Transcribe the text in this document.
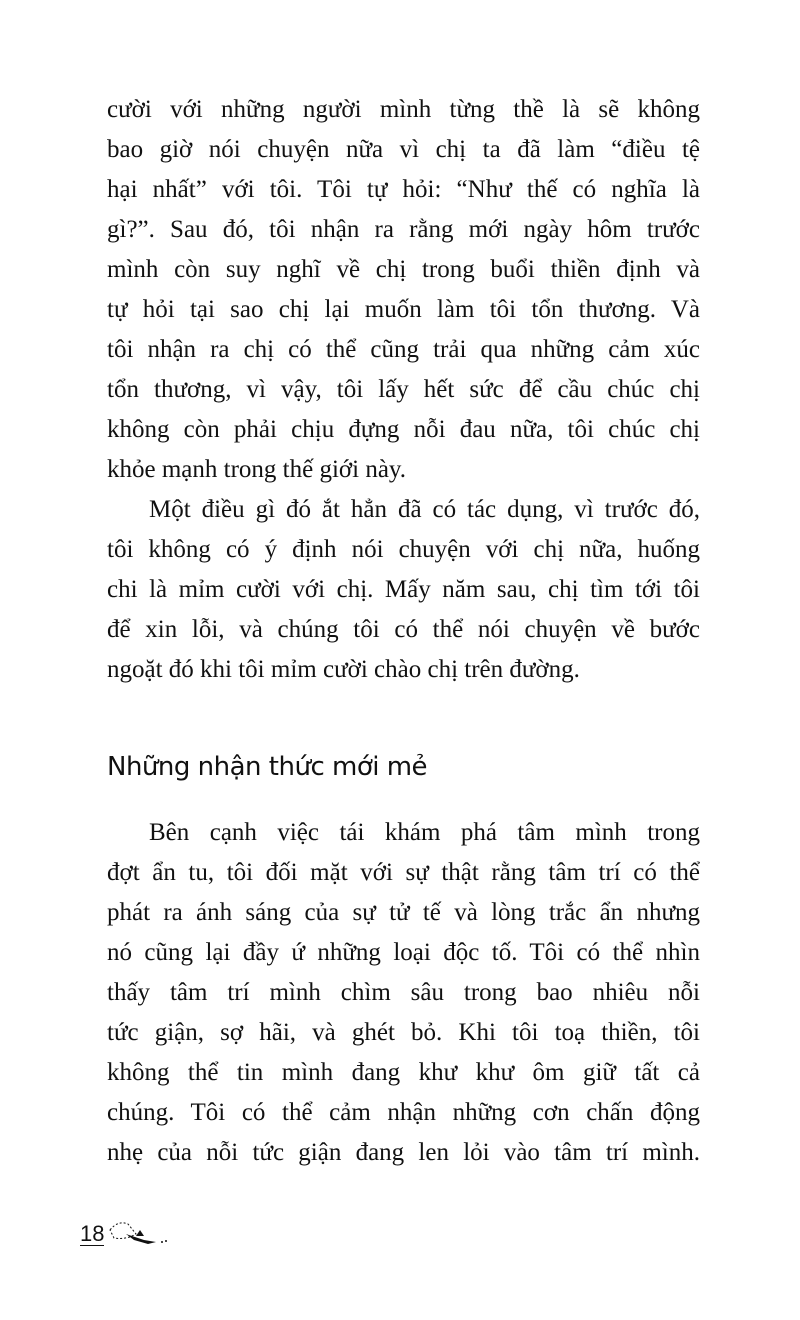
cười với những người mình từng thề là sẽ không
bao giờ nói chuyện nữa vì chị ta đã làm “điều tệ
hại nhất” với tôi. Tôi tự hỏi: “Như thế có nghĩa là
gì?”. Sau đó, tôi nhận ra rằng mới ngày hôm trước
mình còn suy nghĩ về chị trong buổi thiền định và
tự hỏi tại sao chị lại muốn làm tôi tổn thương. Và
tôi nhận ra chị có thể cũng trải qua những cảm xúc
tổn thương, vì vậy, tôi lấy hết sức để cầu chúc chị
không còn phải chịu đựng nỗi đau nữa, tôi chúc chị
khỏe mạnh trong thế giới này.
Một điều gì đó ắt hẳn đã có tác dụng, vì trước đó,
tôi không có ý định nói chuyện với chị nữa, huống
chi là mỉm cười với chị. Mấy năm sau, chị tìm tới tôi
để xin lỗi, và chúng tôi có thể nói chuyện về bước
ngoặt đó khi tôi mỉm cười chào chị trên đường.
Những nhận thức mới mẻ
Bên cạnh việc tái khám phá tâm mình trong
đợt ẩn tu, tôi đối mặt với sự thật rằng tâm trí có thể
phát ra ánh sáng của sự tử tế và lòng trắc ẩn nhưng
nó cũng lại đầy ứ những loại độc tố. Tôi có thể nhìn
thấy tâm trí mình chìm sâu trong bao nhiêu nỗi
tức giận, sợ hãi, và ghét bỏ. Khi tôi toạ thiền, tôi
không thể tin mình đang khư khư ôm giữ tất cả
chúng. Tôi có thể cảm nhận những cơn chấn động
nhẹ của nỗi tức giận đang len lỏi vào tâm trí mình.
18
